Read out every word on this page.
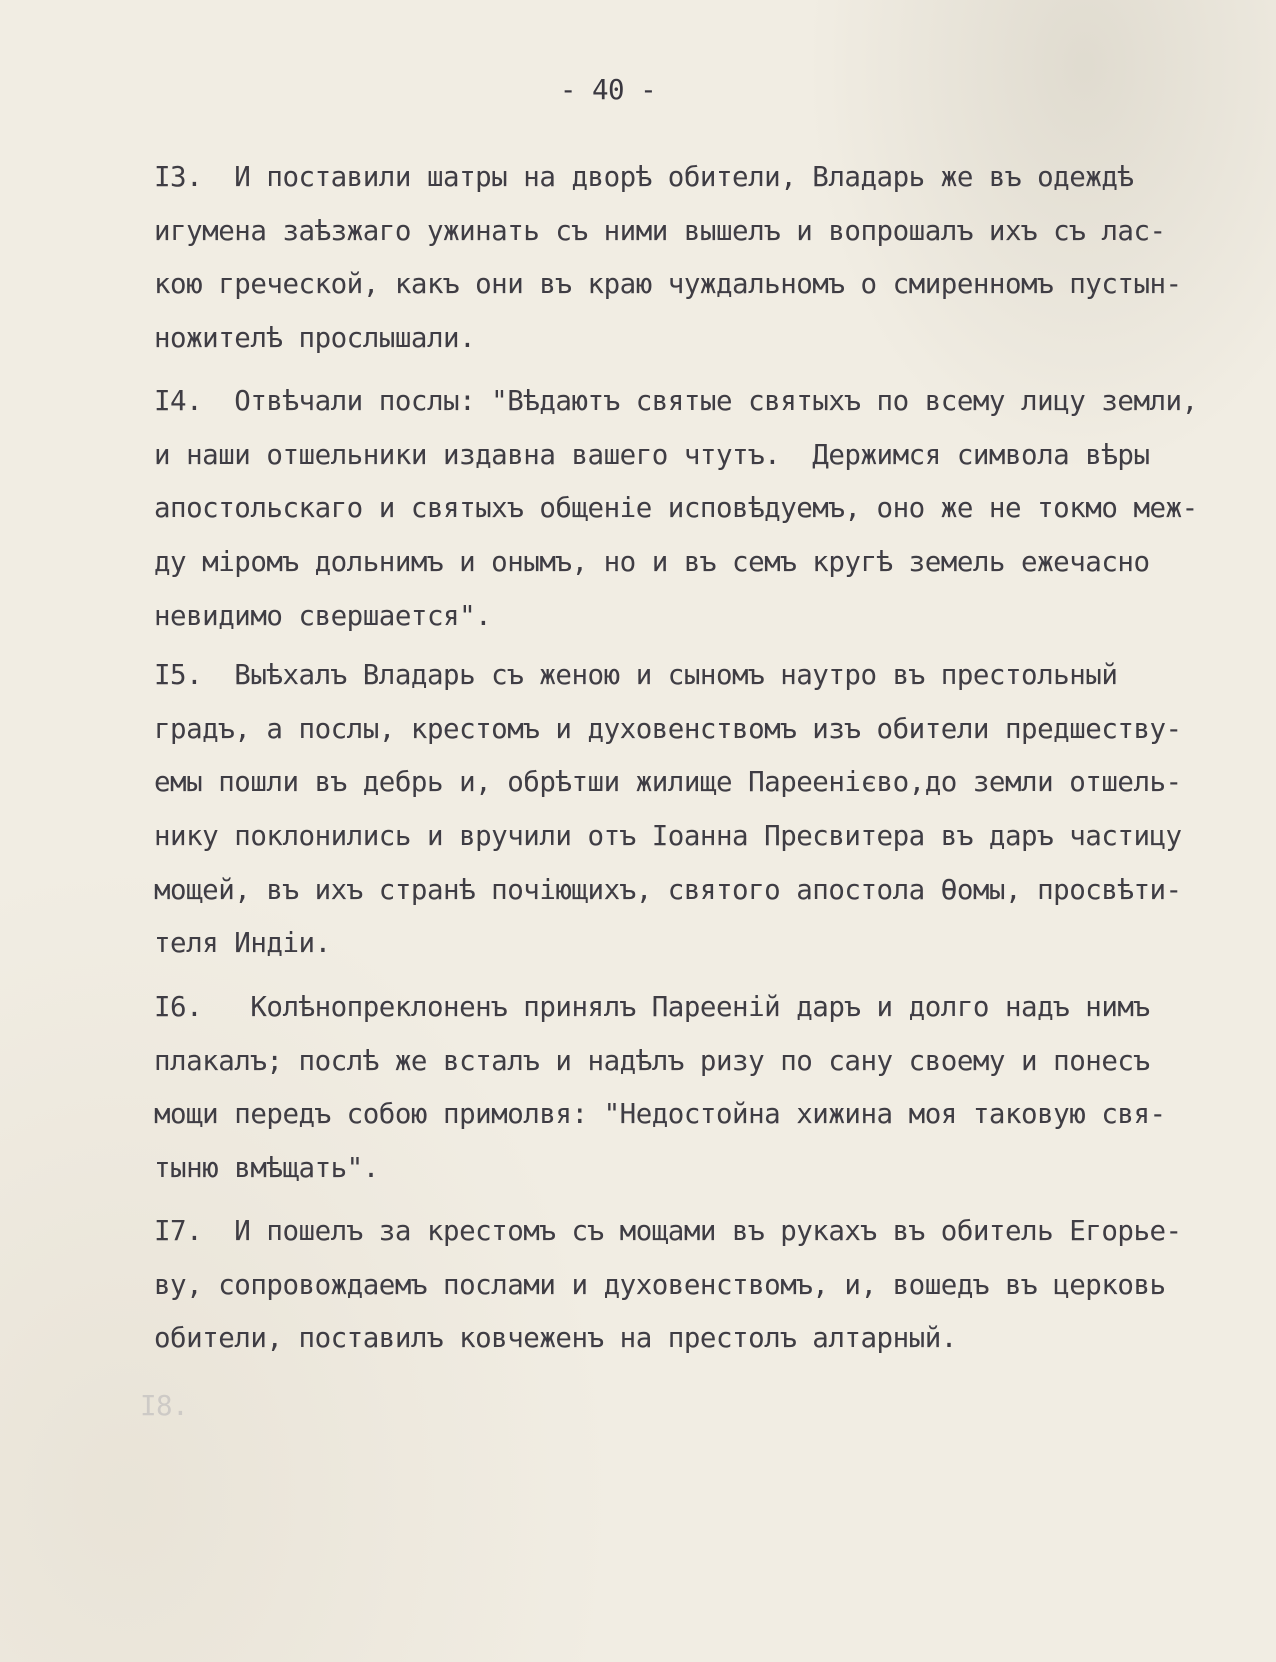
- 40 -
I3.  И поставили шатры на дворѣ обители, Владарь же въ одеждѣ
игумена заѣзжаго ужинать съ ними вышелъ и вопрошалъ ихъ съ лас-
кою греческой, какъ они въ краю чуждальномъ о смиренномъ пустын-
ножителѣ прослышали.
I4.  Отвѣчали послы: "Вѣдаютъ святые святыхъ по всему лицу земли,
и наши отшельники издавна вашего чтутъ.  Держимся символа вѣры
апостольскаго и святыхъ общеніе исповѣдуемъ, оно же не токмо меж-
ду міромъ дольнимъ и онымъ, но и въ семъ кругѣ земель ежечасно
невидимо свершается".
I5.  Выѣхалъ Владарь съ женою и сыномъ наутро въ престольный
градъ, а послы, крестомъ и духовенствомъ изъ обители предшеству-
емы пошли въ дебрь и, обрѣтши жилище Пареенієво,до земли отшель-
нику поклонились и вручили отъ Іоанна Пресвитера въ даръ частицу
мощей, въ ихъ странѣ почіющихъ, святого апостола Ѳомы, просвѣти-
теля Индіи.
I6.   Колѣнопреклоненъ принялъ Пареeній даръ и долго надъ нимъ
плакалъ; послѣ же всталъ и надѣлъ ризу по сану своему и понесъ
мощи передъ собою примолвя: "Недостойна хижина моя таковую свя-
тыню вмѣщать".
I7.  И пошелъ за крестомъ съ мощами въ рукахъ въ обитель Егорье-
ву, сопровождаемъ послами и духовенствомъ, и, вошедъ въ церковь
обители, поставилъ ковчеженъ на престолъ алтарный.
I8.
